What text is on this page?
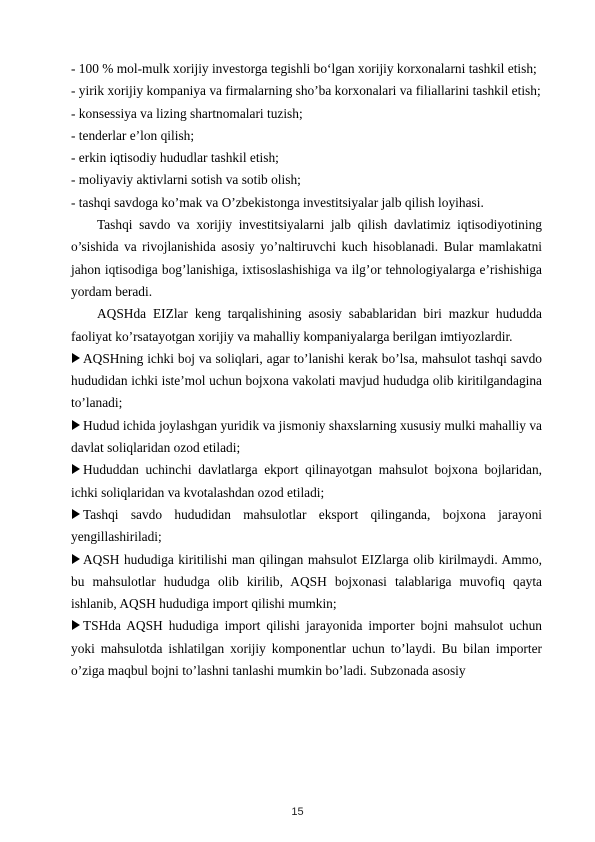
- 100 % mol-mulk xorijiy investorga tegishli bo‘lgan xorijiy korxonalarni tashkil etish;

- yirik xorijiy kompaniya va firmalarning sho’ba korxonalari va filiallarini tashkil etish;

- konsessiya va lizing shartnomalari tuzish;

- tenderlar e’lon qilish;

- erkin iqtisodiy hududlar tashkil etish;

- moliyaviy aktivlarni sotish va sotib olish;

- tashqi savdoga ko’mak va O’zbekistonga investitsiyalar jalb qilish loyihasi.

Tashqi savdo va xorijiy investitsiyalarni jalb qilish davlatimiz iqtisodiyotining o’sishida va rivojlanishida asosiy yo’naltiruvchi kuch hisoblanadi. Bular mamlakatni jahon iqtisodiga bog’lanishiga, ixtisoslashishiga va ilg’or tehnologiyalarga e’rishishiga yordam beradi.

AQSHda EIZlar keng tarqalishining asosiy sabablaridan biri mazkur hududda faoliyat ko’rsatayotgan xorijiy va mahalliy kompaniyalarga berilgan imtiyozlardir.

AQSHning ichki boj va soliqlari, agar to’lanishi kerak bo’lsa, mahsulot tashqi savdo hududidan ichki iste’mol uchun bojxona vakolati mavjud hududga olib kiritilgandagina to’lanadi;

Hudud ichida joylashgan yuridik va jismoniy shaxslarning xususiy mulki mahalliy va davlat soliqlaridan ozod etiladi;

Hududdan uchinchi davlatlarga ekport qilinayotgan mahsulot bojxona bojlaridan, ichki soliqlaridan va kvotalashdan ozod etiladi;

Tashqi savdo hududidan mahsulotlar eksport qilinganda, bojxona jarayoni yengillashiriladi;

AQSH hududiga kiritilishi man qilingan mahsulot EIZlarga olib kirilmaydi. Ammo, bu mahsulotlar hududga olib kirilib, AQSH bojxonasi talablariga muvofiq qayta ishlanib, AQSH hududiga import qilishi mumkin;

TSHda AQSH hududiga import qilishi jarayonida importer bojni mahsulot uchun yoki mahsulotda ishlatilgan xorijiy komponentlar uchun to’laydi. Bu bilan importer o’ziga maqbul bojni to’lashni tanlashi mumkin bo’ladi. Subzonada asosiy

15
